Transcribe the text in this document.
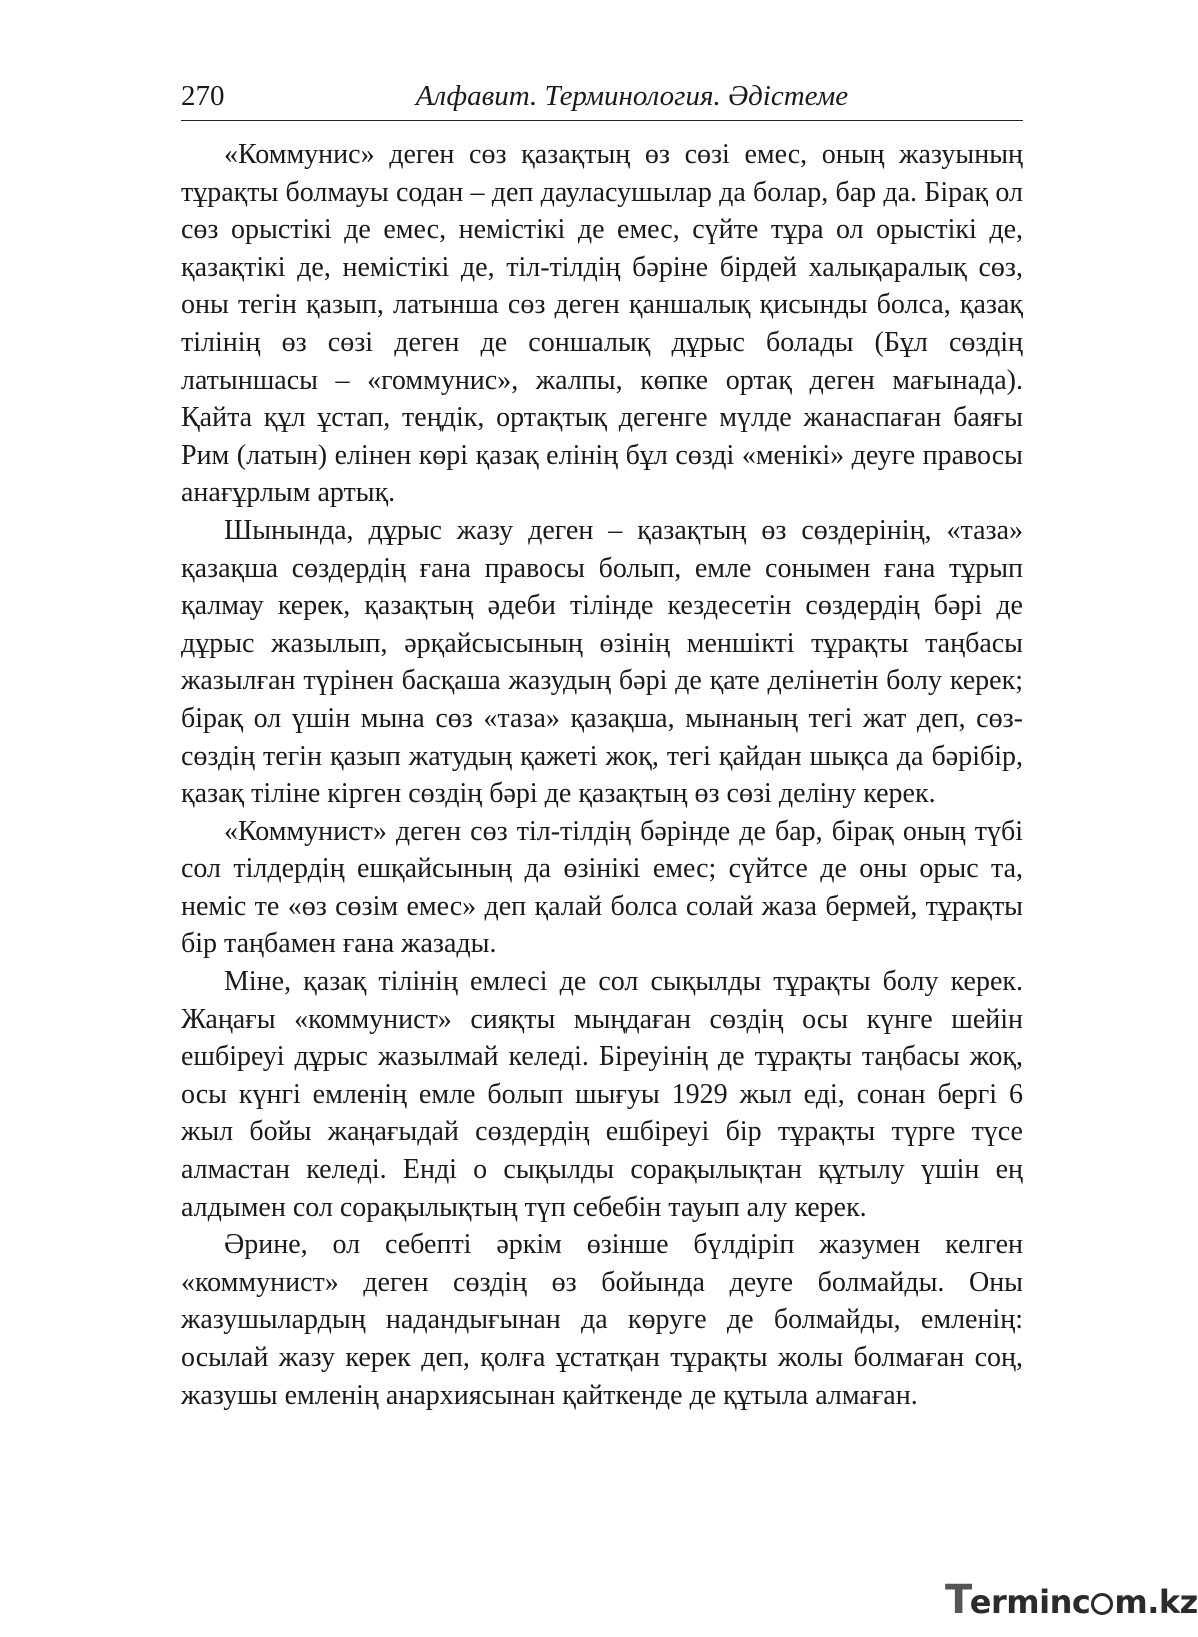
270	Алфавит. Терминология. Әдістеме

«Коммунис» деген сөз қазақтың өз сөзі емес, оның жазуының тұрақты болмауы содан – деп дауласушылар да болар, бар да. Бірақ ол сөз орыстікі де емес, немістікі де емес, сүйте тұра ол орыстікі де, қазақтікі де, немістікі де, тіл-тілдің бәріне бірдей халықаралық сөз, оны тегін қазып, латынша сөз деген қаншалық қисынды болса, қазақ тілінің өз сөзі деген де соншалық дұрыс болады (Бұл сөздің латыншасы – «гоммунис», жалпы, көпке ортақ деген мағынада). Қайта құл ұстап, теңдік, ортақтық дегенге мүлде жанаспаған баяғы Рим (латын) елінен көрі қазақ елінің бұл сөзді «менікі» деуге правосы анағұрлым артық.

Шынында, дұрыс жазу деген – қазақтың өз сөздерінің, «таза» қазақша сөздердің ғана правосы болып, емле сонымен ғана тұрып қалмау керек, қазақтың әдеби тілінде кездесетін сөздердің бәрі де дұрыс жазылып, әрқайсысының өзінің меншікті тұрақты таңбасы жазылған түрінен басқаша жазудың бәрі де қате делінетін болу керек; бірақ ол үшін мына сөз «таза» қазақша, мынаның тегі жат деп, сөз-сөздің тегін қазып жатудың қажеті жоқ, тегі қайдан шықса да бәрібір, қазақ тіліне кірген сөздің бәрі де қазақтың өз сөзі деліну керек.

«Коммунист» деген сөз тіл-тілдің бәрінде де бар, бірақ оның түбі сол тілдердің ешқайсының да өзінікі емес; сүйтсе де оны орыс та, неміс те «өз сөзім емес» деп қалай болса солай жаза бермей, тұрақты бір таңбамен ғана жазады.

Міне, қазақ тілінің емлесі де сол сықылды тұрақты болу керек. Жаңағы «коммунист» сияқты мыңдаған сөздің осы күнге шейін ешбіреуі дұрыс жазылмай келеді. Біреуінің де тұрақты таңбасы жоқ, осы күнгі емленің емле болып шығуы 1929 жыл еді, сонан бергі 6 жыл бойы жаңағыдай сөздердің ешбіреуі бір тұрақты түрге түсе алмастан келеді. Енді о сықылды сорақылықтан құтылу үшін ең алдымен сол сорақылықтың түп себебін тауып алу керек.

Әрине, ол себепті әркім өзінше бүлдіріп жазумен келген «коммунист» деген сөздің өз бойында деуге болмайды. Оны жазушылардың надандығынан да көруге де болмайды, емленің: осылай жазу керек деп, қолға ұстатқан тұрақты жолы болмаған соң, жазушы емленің анархиясынан қайткенде де құтыла алмаған.

Terminc m.kz
